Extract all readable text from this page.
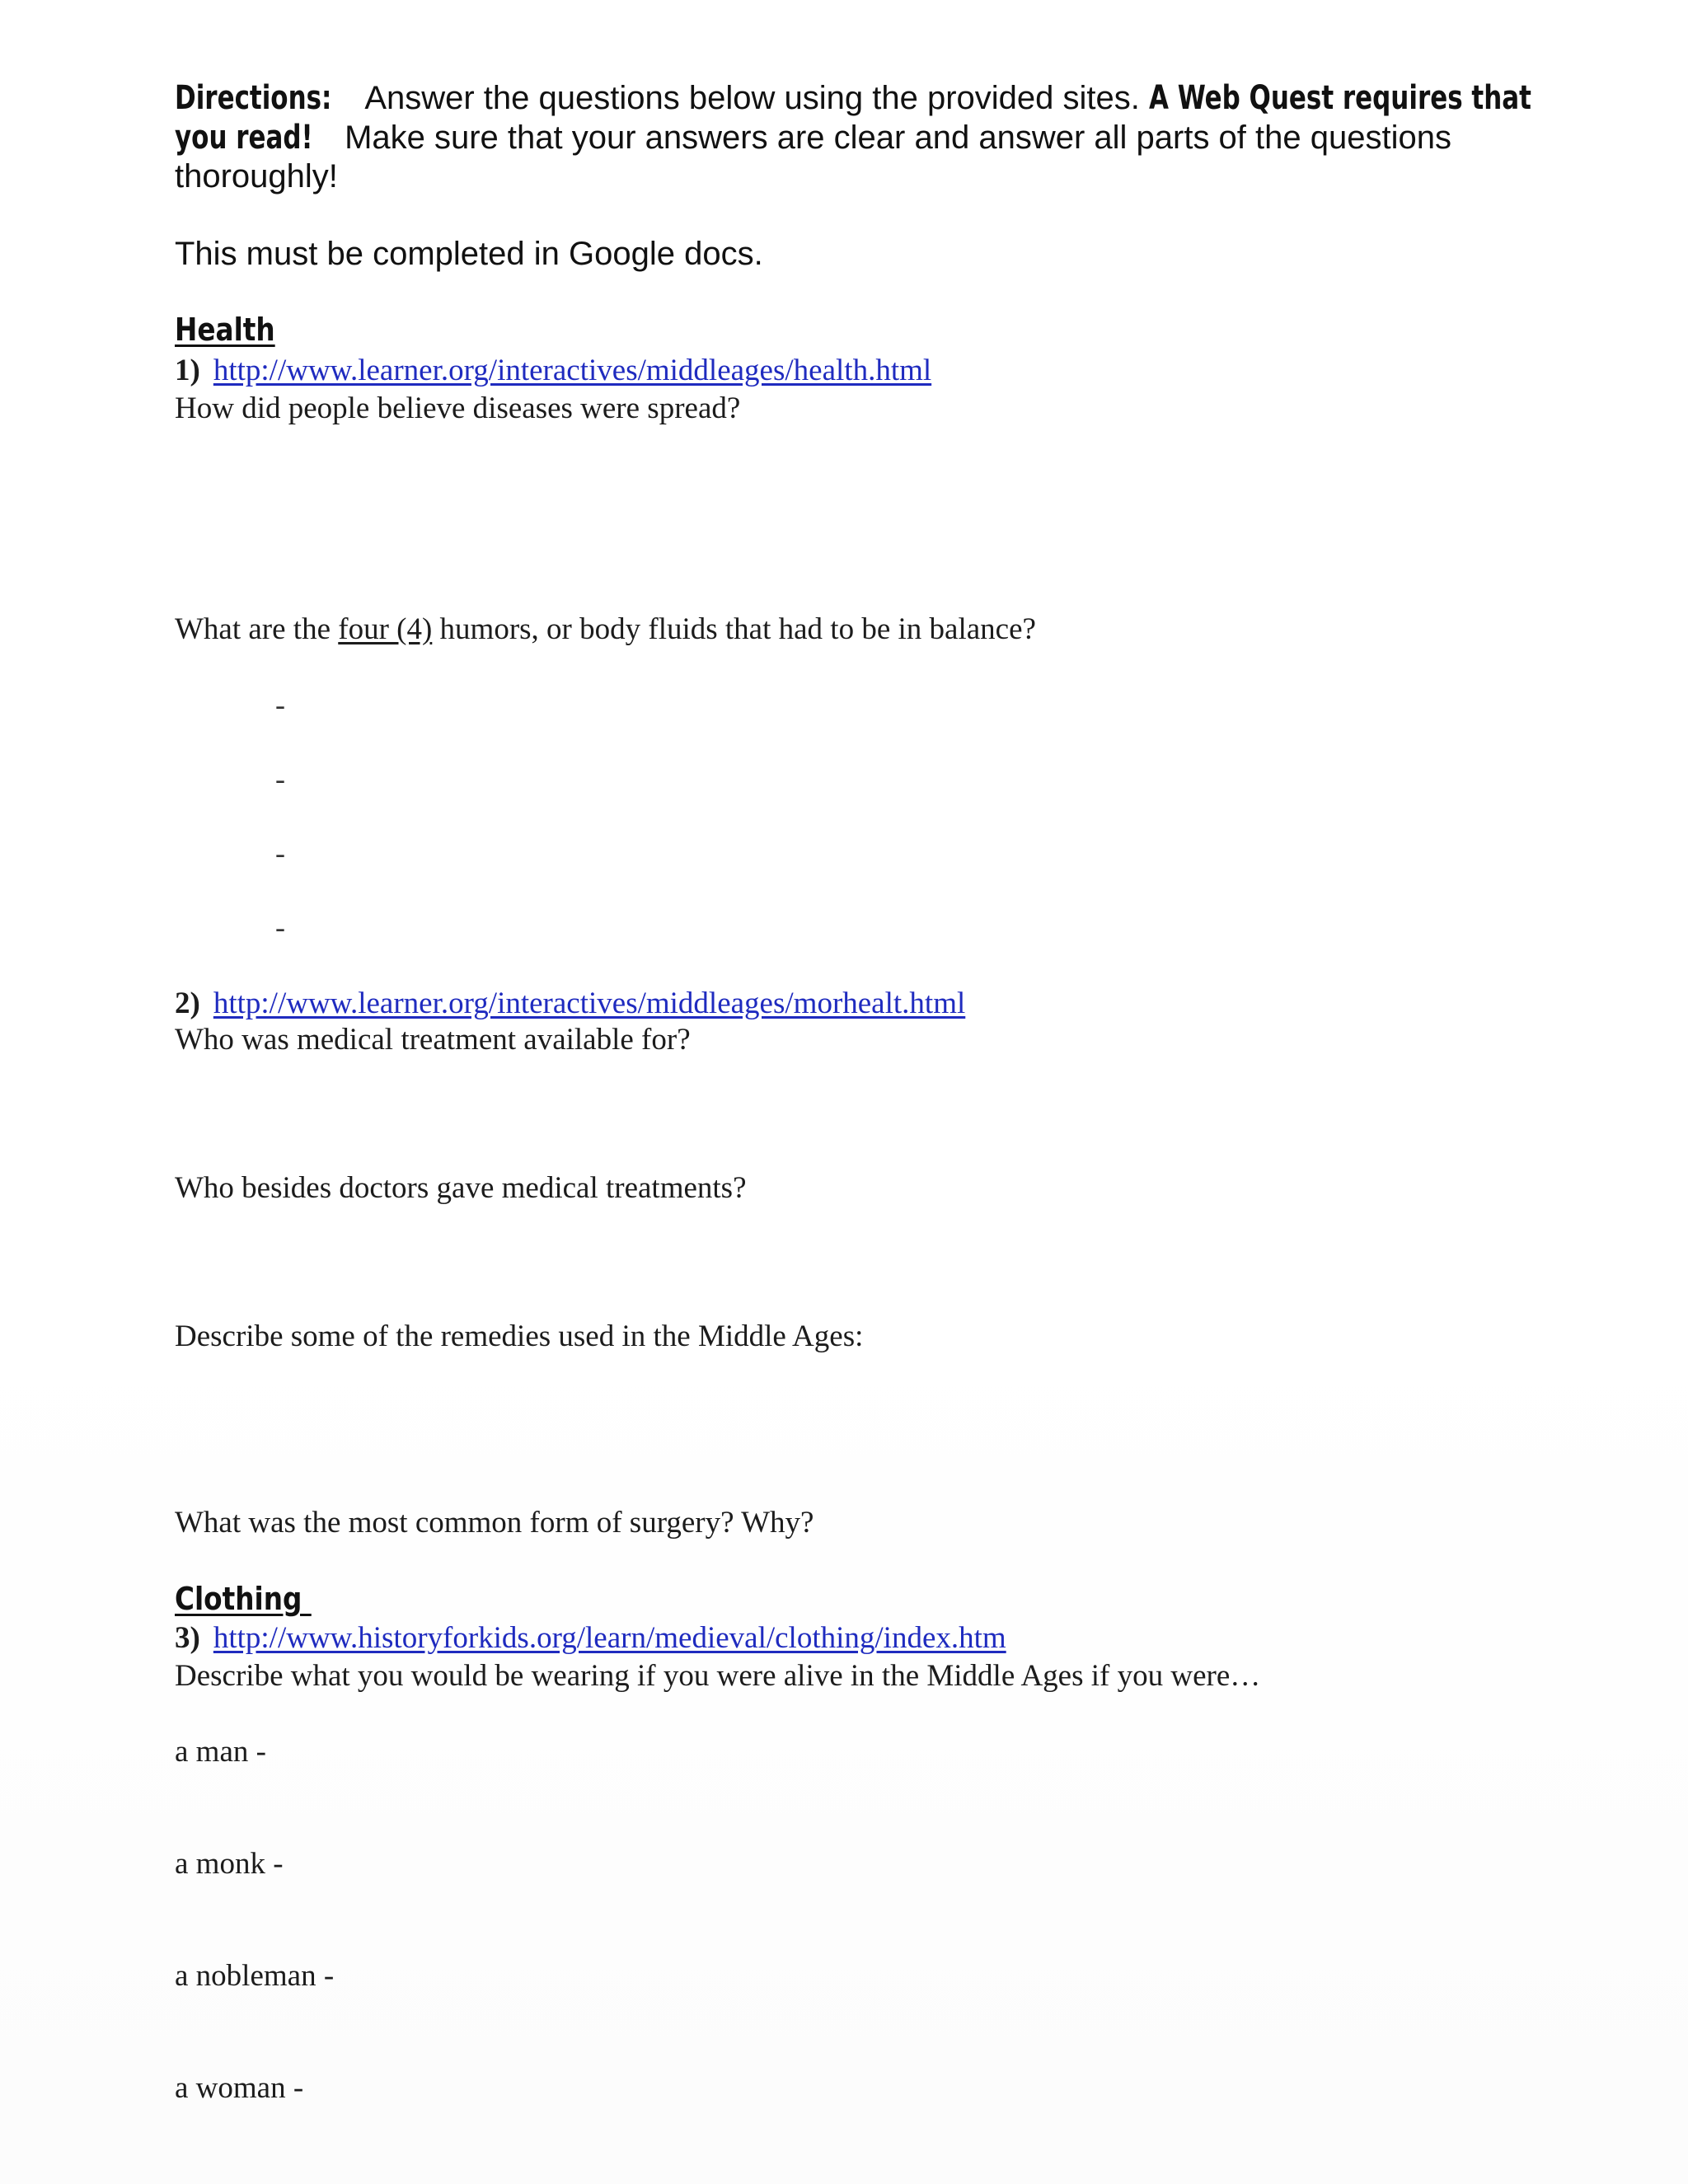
Directions: Answer the questions below using the provided sites. A Web Quest requires that
you read! Make sure that your answers are clear and answer all parts of the questions
thoroughly!
This must be completed in Google docs.
Health
1) http://www.learner.org/interactives/middleages/health.html
How did people believe diseases were spread?
What are the four (4) humors, or body fluids that had to be in balance?
-
-
-
-
2) http://www.learner.org/interactives/middleages/morhealt.html
Who was medical treatment available for?
Who besides doctors gave medical treatments?
Describe some of the remedies used in the Middle Ages:
What was the most common form of surgery? Why?
Clothing
3) http://www.historyforkids.org/learn/medieval/clothing/index.htm
Describe what you would be wearing if you were alive in the Middle Ages if you were…
a man -
a monk -
a nobleman -
a woman -
